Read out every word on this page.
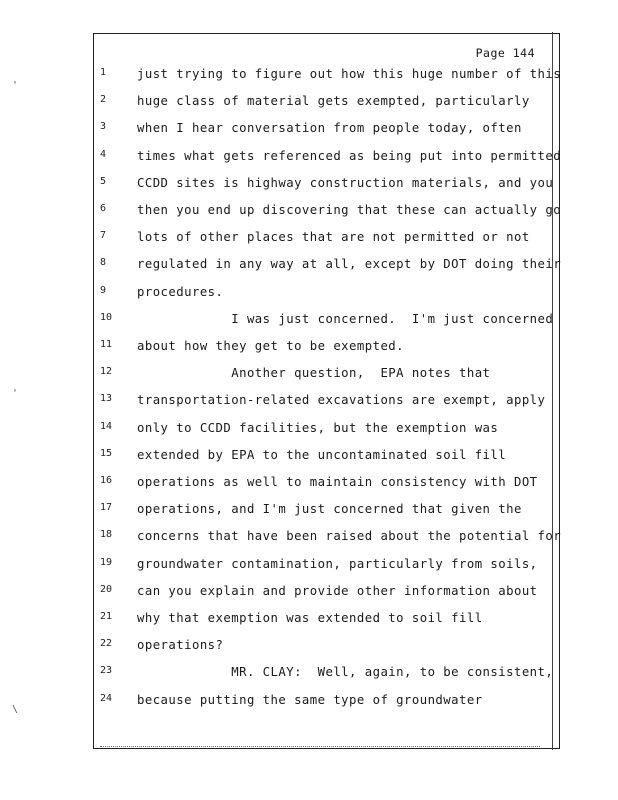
Page 144
1	just trying to figure out how this huge number of this
2	huge class of material gets exempted, particularly
3	when I hear conversation from people today, often
4	times what gets referenced as being put into permitted
5	CCDD sites is highway construction materials, and you
6	then you end up discovering that these can actually go
7	lots of other places that are not permitted or not
8	regulated in any way at all, except by DOT doing their
9	procedures.
10	I was just concerned.  I'm just concerned
11	about how they get to be exempted.
12	Another question,  EPA notes that
13	transportation-related excavations are exempt, apply
14	only to CCDD facilities, but the exemption was
15	extended by EPA to the uncontaminated soil fill
16	operations as well to maintain consistency with DOT
17	operations, and I'm just concerned that given the
18	concerns that have been raised about the potential for
19	groundwater contamination, particularly from soils,
20	can you explain and provide other information about
21	why that exemption was extended to soil fill
22	operations?
23	MR. CLAY:  Well, again, to be consistent,
24	because putting the same type of groundwater
'
'
\
